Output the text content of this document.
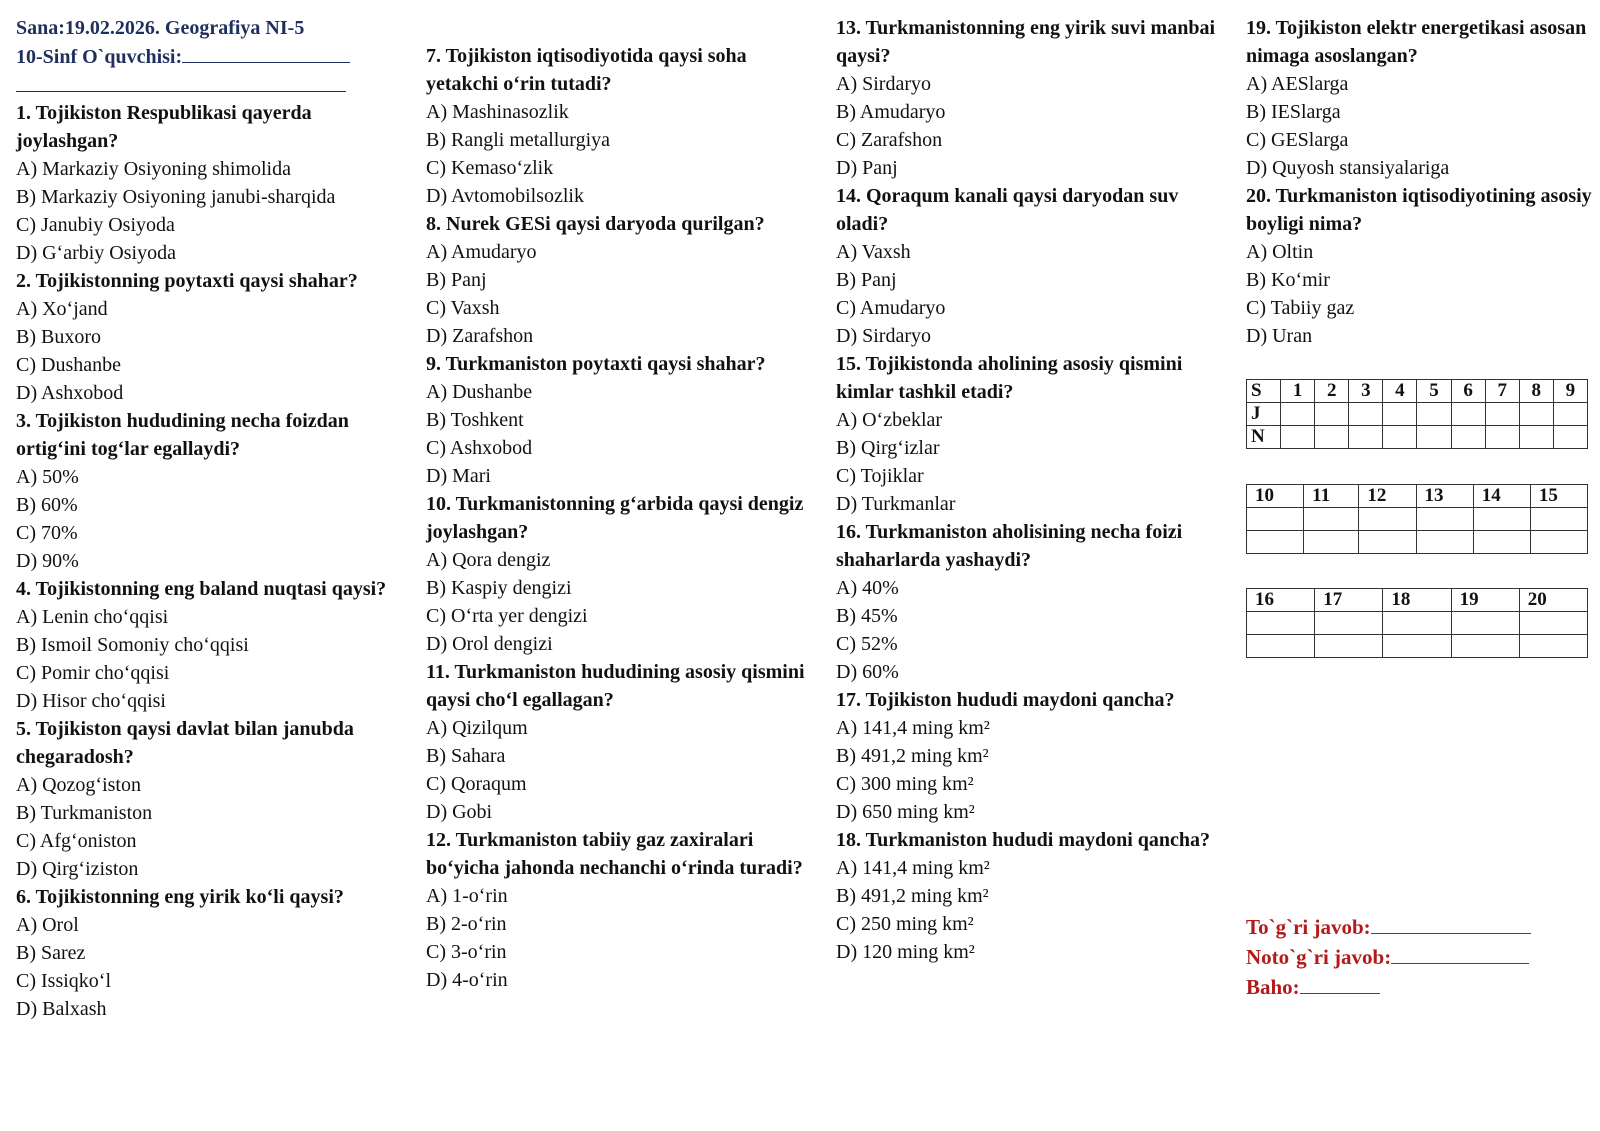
Sana:19.02.2026. Geografiya NI-5
10-Sinf O`quvchisi:
1. Tojikiston Respublikasi qayerda joylashgan?
A) Markaziy Osiyoning shimolida
B) Markaziy Osiyoning janubi-sharqida
C) Janubiy Osiyoda
D) G‘arbiy Osiyoda
2. Tojikistonning poytaxti qaysi shahar?
A) Xo‘jand
B) Buxoro
C) Dushanbe
D) Ashxobod
3. Tojikiston hududining necha foizdan ortig‘ini tog‘lar egallaydi?
A) 50%
B) 60%
C) 70%
D) 90%
4. Tojikistonning eng baland nuqtasi qaysi?
A) Lenin cho‘qqisi
B) Ismoil Somoniy cho‘qqisi
C) Pomir cho‘qqisi
D) Hisor cho‘qqisi
5. Tojikiston qaysi davlat bilan janubda chegaradosh?
A) Qozog‘iston
B) Turkmaniston
C) Afg‘oniston
D) Qirg‘iziston
6. Tojikistonning eng yirik ko‘li qaysi?
A) Orol
B) Sarez
C) Issiqko‘l
D) Balxash
7. Tojikiston iqtisodiyotida qaysi soha yetakchi o‘rin tutadi?
A) Mashinasozlik
B) Rangli metallurgiya
C) Kemaso‘zlik
D) Avtomobilsozlik
8. Nurek GESi qaysi daryoda qurilgan?
A) Amudaryo
B) Panj
C) Vaxsh
D) Zarafshon
9. Turkmaniston poytaxti qaysi shahar?
A) Dushanbe
B) Toshkent
C) Ashxobod
D) Mari
10. Turkmanistonning g‘arbida qaysi dengiz joylashgan?
A) Qora dengiz
B) Kaspiy dengizi
C) O‘rta yer dengizi
D) Orol dengizi
11. Turkmaniston hududining asosiy qismini qaysi cho‘l egallagan?
A) Qizilqum
B) Sahara
C) Qoraqum
D) Gobi
12. Turkmaniston tabiiy gaz zaxiralari bo‘yicha jahonda nechanchi o‘rinda turadi?
A) 1-o‘rin
B) 2-o‘rin
C) 3-o‘rin
D) 4-o‘rin
13. Turkmanistonning eng yirik suvi manbai qaysi?
A) Sirdaryo
B) Amudaryo
C) Zarafshon
D) Panj
14. Qoraqum kanali qaysi daryodan suv oladi?
A) Vaxsh
B) Panj
C) Amudaryo
D) Sirdaryo
15. Tojikistonda aholining asosiy qismini kimlar tashkil etadi?
A) O‘zbeklar
B) Qirg‘izlar
C) Tojiklar
D) Turkmanlar
16. Turkmaniston aholisining necha foizi shaharlarda yashaydi?
A) 40%
B) 45%
C) 52%
D) 60%
17. Tojikiston hududi maydoni qancha?
A) 141,4 ming km²
B) 491,2 ming km²
C) 300 ming km²
D) 650 ming km²
18. Turkmaniston hududi maydoni qancha?
A) 141,4 ming km²
B) 491,2 ming km²
C) 250 ming km²
D) 120 ming km²
19. Tojikiston elektr energetikasi asosan nimaga asoslangan?
A) AESlarga
B) IESlarga
C) GESlarga
D) Quyosh stansiyalariga
20. Turkmaniston iqtisodiyotining asosiy boyligi nima?
A) Oltin
B) Ko‘mir
C) Tabiiy gaz
D) Uran
S	1	2	3	4	5	6	7	8	9
J									
N									
10	11	12	13	14	15

16	17	18	19	20

To`g`ri javob:
Noto`g`ri javob:
Baho:
